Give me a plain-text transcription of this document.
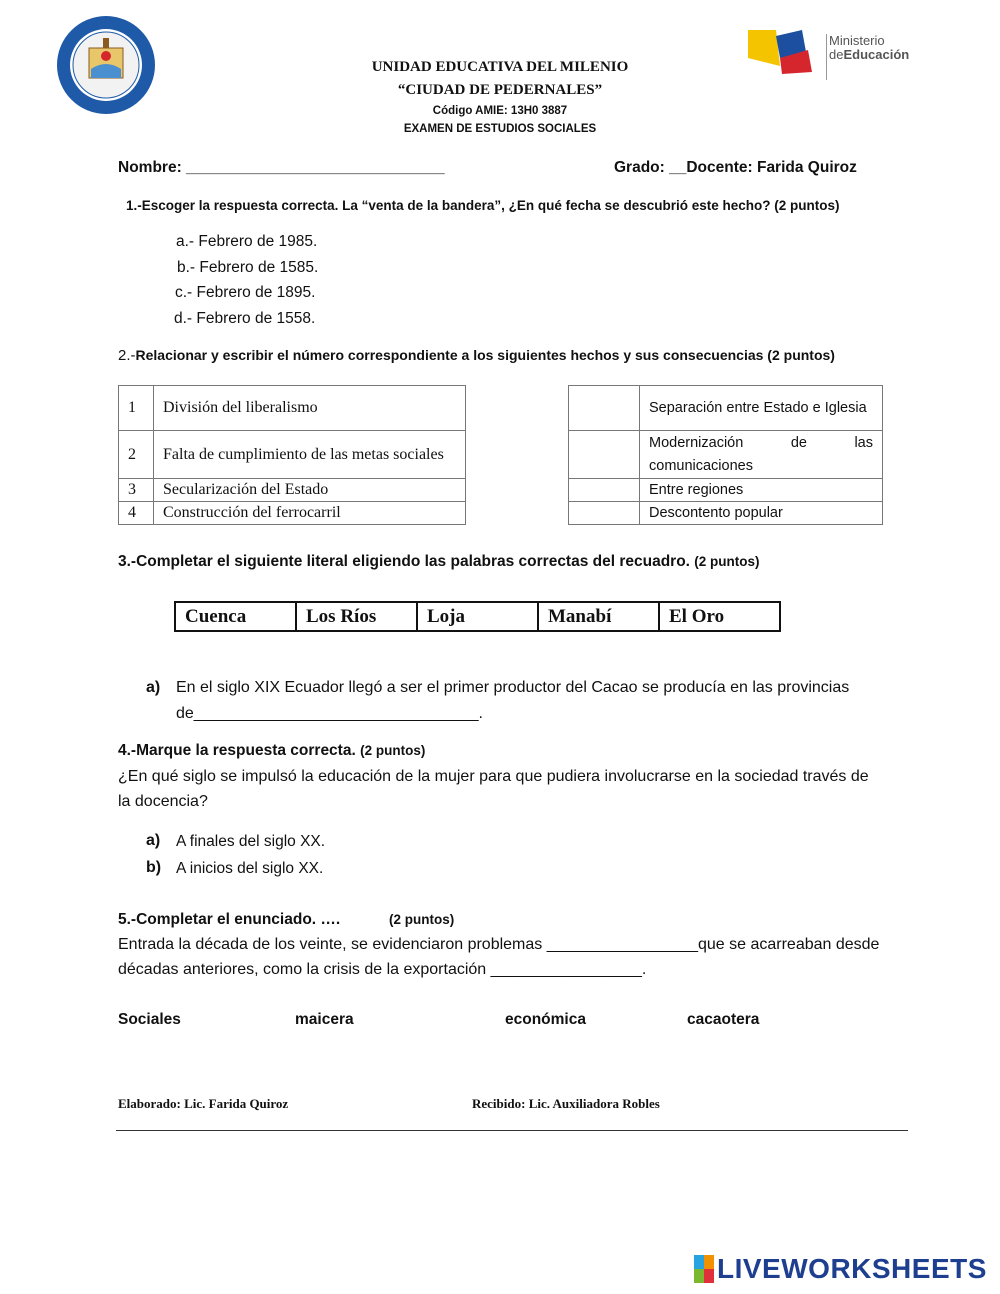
Ministerio
deEducación
UNIDAD EDUCATIVA DEL MILENIO
“CIUDAD DE PEDERNALES”
Código AMIE: 13H0 3887
EXAMEN DE ESTUDIOS SOCIALES
Nombre: ______________________________	Grado: __Docente: Farida Quiroz
1.-Escoger la respuesta correcta. La “venta de la bandera”, ¿En qué fecha se descubrió este hecho? (2 puntos)
a.- Febrero de 1985.
b.- Febrero de 1585.
c.- Febrero de 1895.
d.- Febrero de 1558.
2.-Relacionar y escribir el número correspondiente a los siguientes hechos y sus consecuencias (2 puntos)
1	División del liberalismo
2	Falta de cumplimiento de las metas sociales
3	Secularización del Estado
4	Construcción del ferrocarril
	Separación entre Estado e Iglesia

	Modernización de las
comunicaciones

	Entre regiones
	Descontento popular
3.-Completar el siguiente literal eligiendo las palabras correctas del recuadro. (2 puntos)
Cuenca	Los Ríos	Loja	Manabí	El Oro
a) En el siglo XIX Ecuador llegó a ser el primer productor del Cacao se producía en las provincias
de________________________________.
4.-Marque la respuesta correcta. (2 puntos)
¿En qué siglo se impulsó la educación de la mujer para que pudiera involucrarse en la sociedad través de
la docencia?
a) A finales del siglo XX.
b) A inicios del siglo XX.
5.-Completar el enunciado. ….	(2 puntos)
Entrada la década de los veinte, se evidenciaron problemas _________________que se acarreaban desde
décadas anteriores, como la crisis de la exportación _________________.
Sociales	maicera	económica	cacaotera
Elaborado: Lic. Farida Quiroz	Recibido: Lic. Auxiliadora Robles
LIVEWORKSHEETS
